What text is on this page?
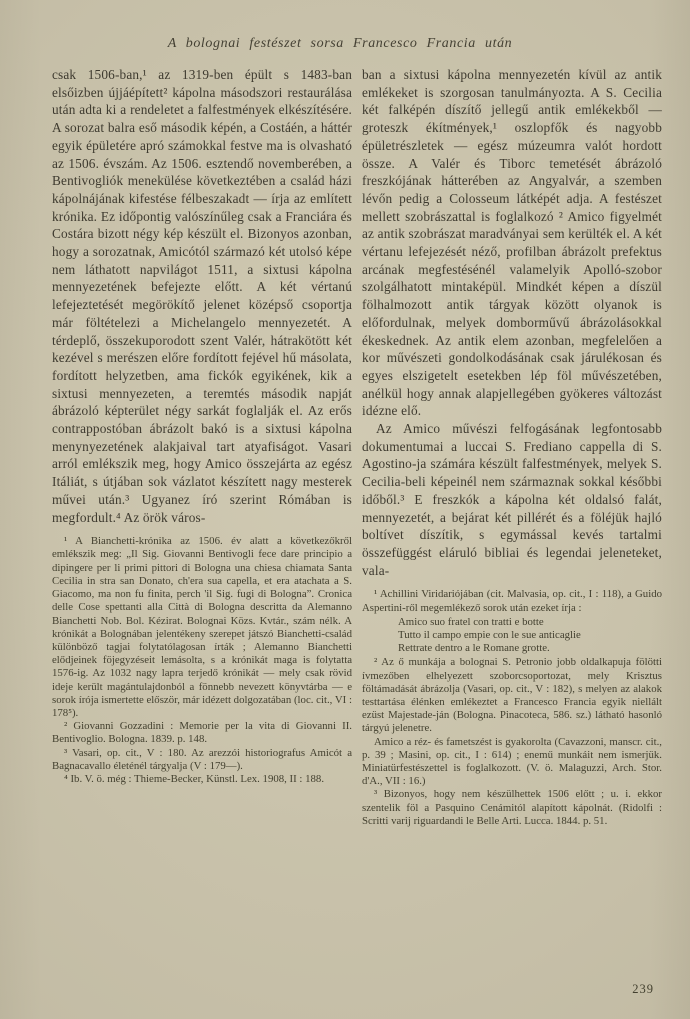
A bolognai festészet sorsa Francesco Francia után

csak 1506-ban,¹ az 1319-ben épült s 1483-ban elsőizben újjáépített² kápolna másodszori restaurálása után adta ki a rendeletet a falfestmények elkészítésére. A sorozat balra eső második képén, a Costáén, a háttér egyik épületére apró számokkal festve ma is olvasható az 1506. évszám. Az 1506. esztendő novemberében, a Bentivogliók menekülése következtében a család házi kápolnájának kifestése félbeszakadt — írja az említett krónika. Ez időpontig valószínűleg csak a Franciára és Costára bizott négy kép készült el. Bizonyos azonban, hogy a sorozatnak, Amicótól származó két utolsó képe nem láthatott napvilágot 1511, a sixtusi kápolna mennyezetének befejezte előtt. A két vértanú lefejeztetését megörökítő jelenet középső csoportja már föltételezi a Michelangelo mennyezetét. A térdeplő, összekuporodott szent Valér, hátrakötött két kezével s merészen előre fordított fejével hű másolata, fordított helyzetben, ama fickók egyikének, kik a sixtusi mennyezeten, a teremtés második napját ábrázoló képterület négy sarkát foglalják el. Az erős contrappostóban ábrázolt bakó is a sixtusi kápolna menynyezetének alakjaival tart atyafiságot. Vasari arról emlékszik meg, hogy Amico összejárta az egész Itáliát, s útjában sok vázlatot készített nagy mesterek művei után.³ Ugyanez író szerint Rómában is megfordult.⁴ Az örök város-

¹ A Bianchetti-krónika az 1506. év alatt a következőkről emlékszik meg: „Il Sig. Giovanni Bentivogli fece dare principio a dipingere per li primi pittori di Bologna una chiesa chiamata Santa Cecilia in stra san Donato, ch'era sua capella, et era atachata a S. Giacomo, ma non fu finita, perch 'il Sig. fugi di Bologna”. Cronica delle Cose spettanti alla Città di Bologna descritta da Alemanno Bianchetti Nob. Bol. Kézirat. Bolognai Közs. Kvtár., szám nélk. A krónikát a Bolognában jelentékeny szerepet játszó Bianchetti-család különböző tagjai folytatólagosan írták ; Alemanno Bianchetti elődjeinek föjegyzéseit lemásolta, s a krónikát maga is folytatta 1576-ig. Az 1032 nagy lapra terjedő krónikát — mely csak rövid ideje került magántulajdonból a fönnebb nevezett könyvtárba — e sorok írója ismertette először, már idézett dolgozatában (loc. cit., VI : 178⁵).

² Giovanni Gozzadini : Memorie per la vita di Giovanni II. Bentivoglio. Bologna. 1839. p. 148.

³ Vasari, op. cit., V : 180. Az arezzói historiografus Amicót a Bagnacavallo életénél tárgyalja (V : 179—).

⁴ Ib. V. ö. még : Thieme-Becker, Künstl. Lex. 1908, II : 188.

ban a sixtusi kápolna mennyezetén kívül az antik emlékeket is szorgosan tanulmányozta. A S. Cecilia két falképén díszítő jellegű antik emlékekből — groteszk ékítmények,¹ oszlopfők és nagyobb épületrészletek — egész múzeumra valót hordott össze. A Valér és Tiborc temetését ábrázoló freszkójának hátterében az Angyalvár, a szemben lévőn pedig a Colosseum látképét adja. A festészet mellett szobrászattal is foglalkozó ² Amico figyelmét az antik szobrászat maradványai sem kerülték el. A két vértanu lefejezését néző, profilban ábrázolt prefektus arcának megfestésénél valamelyik Apolló-szobor szolgálhatott mintaképül. Mindkét képen a díszül fölhalmozott antik tárgyak között olyanok is előfordulnak, melyek domborművű ábrázolásokkal ékeskednek. Az antik elem azonban, megfelelően a kor művészeti gondolkodásának csak járulékosan és egyes elszigetelt esetekben lép föl művészetében, anélkül hogy annak alapjellegében gyökeres változást idézne elő.

Az Amico művészi felfogásának legfontosabb dokumentumai a luccai S. Frediano cappella di S. Agostino-ja számára készült falfestmények, melyek S. Cecilia-beli képeinél nem származnak sokkal későbbi időből.³ E freszkók a kápolna két oldalsó falát, mennyezetét, a bejárat két pillérét és a föléjük hajló boltívet díszítik, s egymással kevés tartalmi összefüggést eláruló bibliai és legendai jeleneteket, vala-

¹ Achillini Viridariójában (cit. Malvasia, op. cit., I : 118), a Guido Aspertini-ről megemlékező sorok után ezeket írja :

Amico suo fratel con tratti e botte
Tutto il campo empie con le sue anticaglie
Rettrate dentro a le Romane grotte.

² Az ő munkája a bolognai S. Petronio jobb oldalkapuja fölötti ívmezőben elhelyezett szoborcsoportozat, mely Krisztus föltámadását ábrázolja (Vasari, op. cit., V : 182), s melyen az alakok testtartása élénken emlékeztet a Francesco Francia egyik niellált ezüst Majestade-ján (Bologna. Pinacoteca, 586. sz.) látható hasonló tárgyú jelenetre.

Amico a réz- és fametszést is gyakorolta (Cavazzoni, manscr. cit., p. 39 ; Masini, op. cit., I : 614) ; enemű munkáit nem ismerjük. Miniatürfestészettel is foglalkozott. (V. ö. Malaguzzi, Arch. Stor. d'A., VII : 16.)

³ Bizonyos, hogy nem készülhettek 1506 előtt ; u. i. ekkor szentelik föl a Pasquino Cenámitól alapított kápolnát. (Ridolfi : Scritti varij riguardandi le Belle Arti. Lucca. 1844. p. 51.

239
